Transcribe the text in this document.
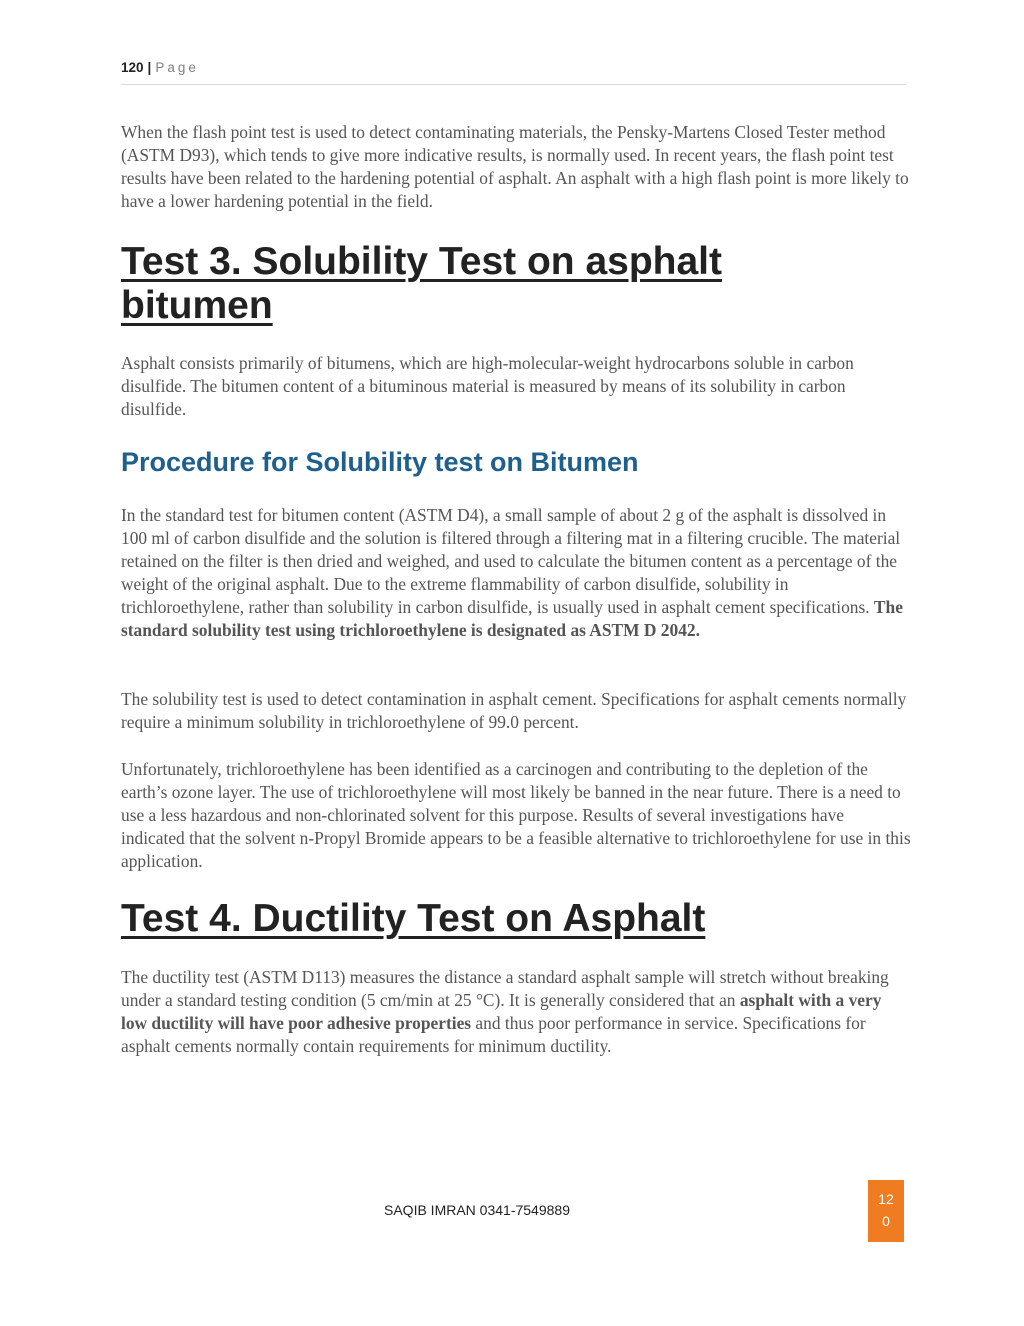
120 | Page
When the flash point test is used to detect contaminating materials, the Pensky-Martens Closed Tester method (ASTM D93), which tends to give more indicative results, is normally used. In recent years, the flash point test results have been related to the hardening potential of asphalt. An asphalt with a high flash point is more likely to have a lower hardening potential in the field.
Test 3. Solubility Test on asphalt bitumen
Asphalt consists primarily of bitumens, which are high-molecular-weight hydrocarbons soluble in carbon disulfide. The bitumen content of a bituminous material is measured by means of its solubility in carbon disulfide.
Procedure for Solubility test on Bitumen
In the standard test for bitumen content (ASTM D4), a small sample of about 2 g of the asphalt is dissolved in 100 ml of carbon disulfide and the solution is filtered through a filtering mat in a filtering crucible. The material retained on the filter is then dried and weighed, and used to calculate the bitumen content as a percentage of the weight of the original asphalt. Due to the extreme flammability of carbon disulfide, solubility in trichloroethylene, rather than solubility in carbon disulfide, is usually used in asphalt cement specifications. The standard solubility test using trichloroethylene is designated as ASTM D 2042.
The solubility test is used to detect contamination in asphalt cement. Specifications for asphalt cements normally require a minimum solubility in trichloroethylene of 99.0 percent.
Unfortunately, trichloroethylene has been identified as a carcinogen and contributing to the depletion of the earth’s ozone layer. The use of trichloroethylene will most likely be banned in the near future. There is a need to use a less hazardous and non-chlorinated solvent for this purpose. Results of several investigations have indicated that the solvent n-Propyl Bromide appears to be a feasible alternative to trichloroethylene for use in this application.
Test 4. Ductility Test on Asphalt
The ductility test (ASTM D113) measures the distance a standard asphalt sample will stretch without breaking under a standard testing condition (5 cm/min at 25 °C). It is generally considered that an asphalt with a very low ductility will have poor adhesive properties and thus poor performance in service. Specifications for asphalt cements normally contain requirements for minimum ductility.
SAQIB IMRAN 0341-7549889
12
0
